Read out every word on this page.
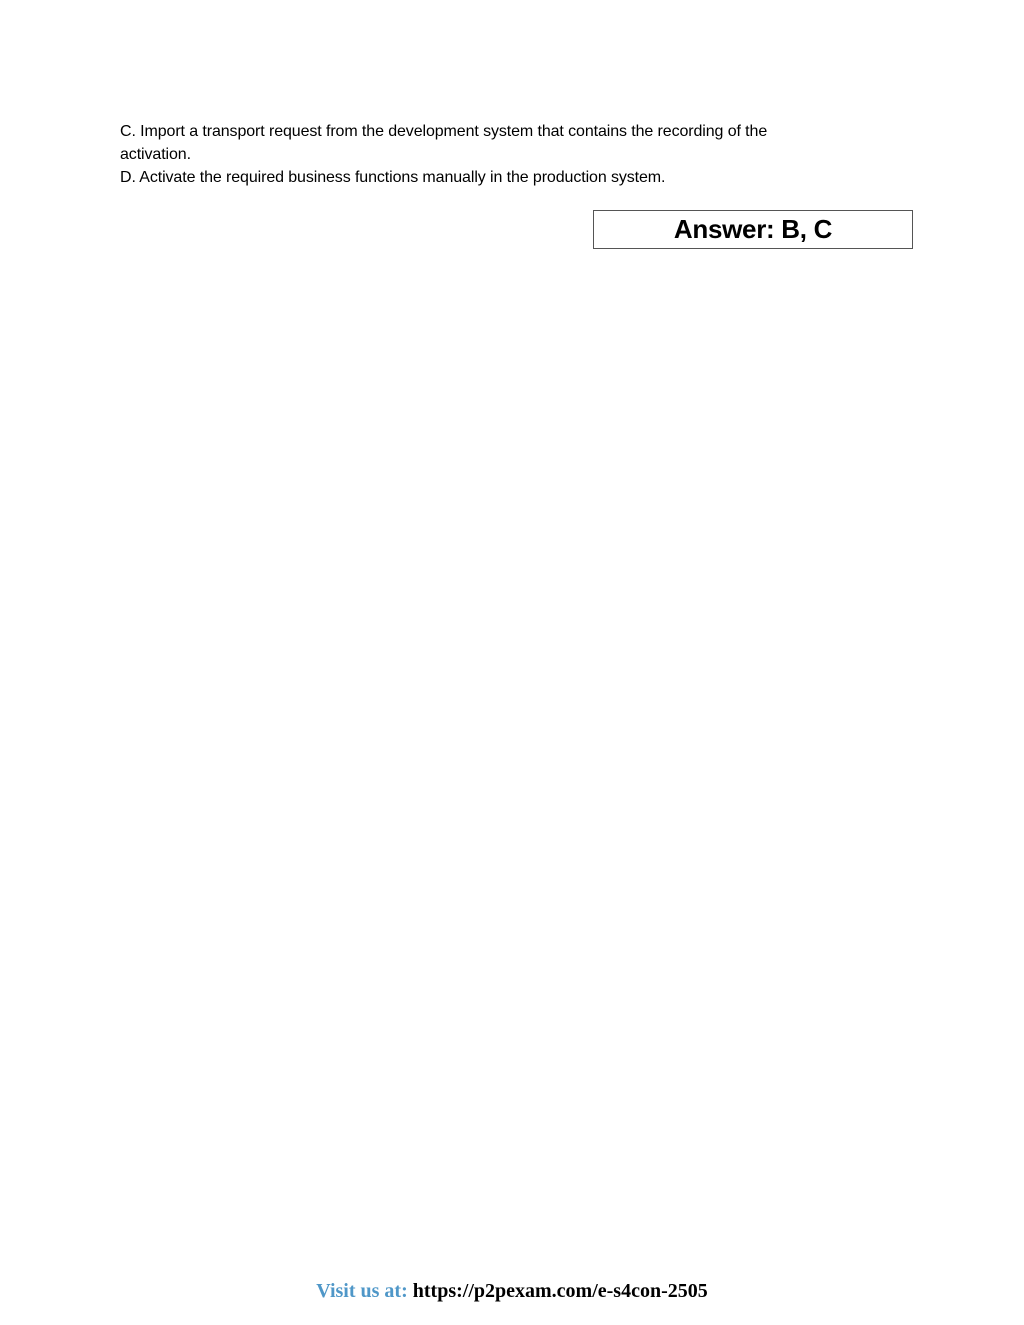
C. Import a transport request from the development system that contains the recording of the activation.

D. Activate the required business functions manually in the production system.

Answer: B, C
Visit us at: https://p2pexam.com/e-s4con-2505
